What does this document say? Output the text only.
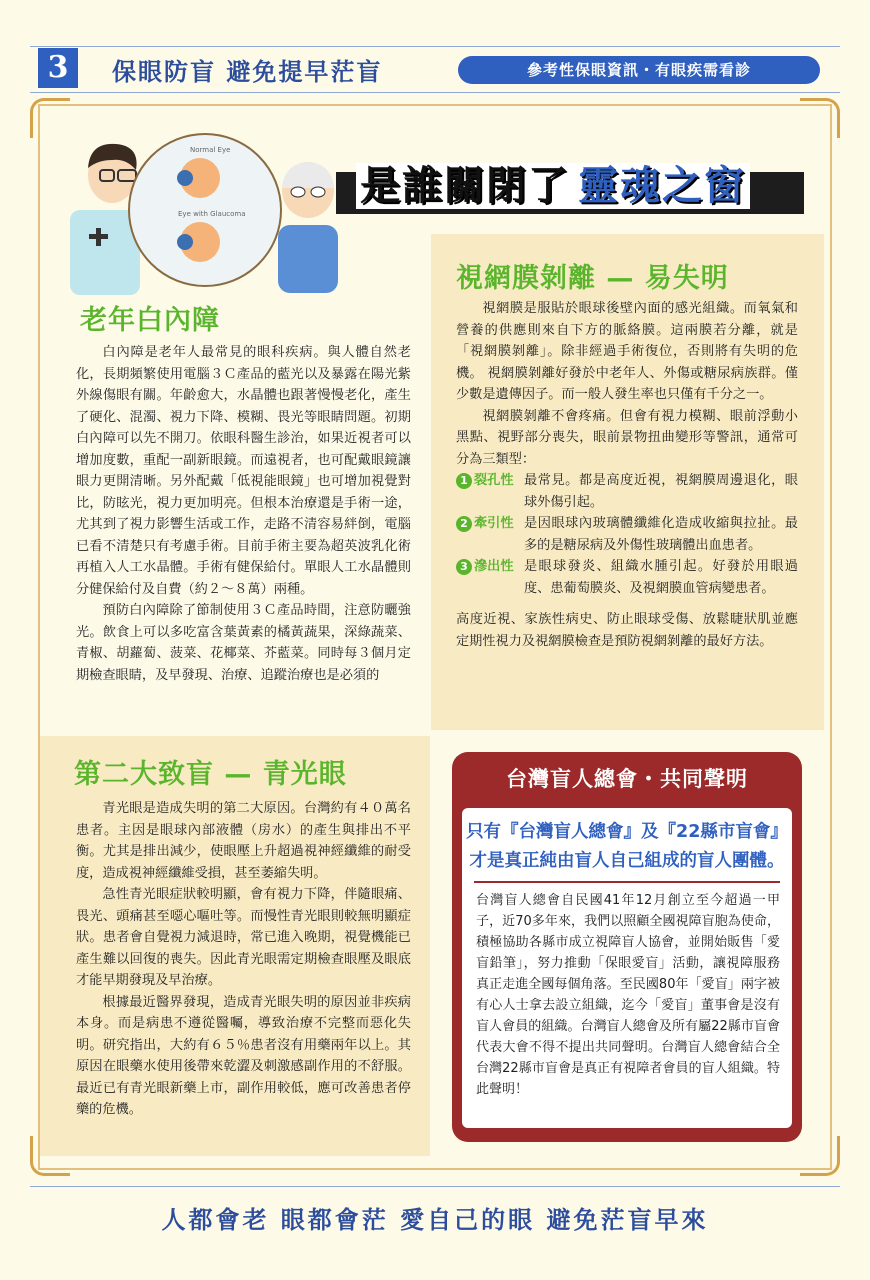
3	保眼防盲 避免提早茫盲	參考性保眼資訊・有眼疾需看診
Normal Eye
Eye with Glaucoma
是誰關閉了 靈魂之窗
老年白內障

白內障是老年人最常見的眼科疾病。與人體自然老化，長期頻繁使用電腦３Ｃ產品的藍光以及暴露在陽光紫外線傷眼有關。年齡愈大，水晶體也跟著慢慢老化，產生了硬化、混濁、視力下降、模糊、畏光等眼睛問題。初期白內障可以先不開刀。依眼科醫生診治，如果近視者可以增加度數，重配一副新眼鏡。而遠視者，也可配戴眼鏡讓眼力更開清晰。另外配戴「低視能眼鏡」也可增加視覺對比，防眩光，視力更加明亮。但根本治療還是手術一途，尤其到了視力影響生活或工作，走路不清容易絆倒，電腦已看不清楚只有考慮手術。目前手術主要為超英波乳化術再植入人工水晶體。手術有健保給付。單眼人工水晶體則分健保給付及自費（約２～８萬）兩種。

預防白內障除了節制使用３Ｃ產品時間，注意防曬強光。飲食上可以多吃富含葉黃素的橘黃蔬果，深綠蔬菜、青椒、胡蘿蔔、菠菜、花椰菜、芥藍菜。同時每３個月定期檢查眼睛，及早發現、治療、追蹤治療也是必須的

視網膜剝離 — 易失明

視網膜是服貼於眼球後壁內面的感光組織。而氧氣和營養的供應則來自下方的脈絡膜。這兩膜若分離，就是「視網膜剝離」。除非經過手術復位，否則將有失明的危機。 視網膜剝離好發於中老年人、外傷或糖尿病族群。僅少數是遺傳因子。而一般人發生率也只僅有千分之一。

視網膜剝離不會疼痛。但會有視力模糊、眼前浮動小黑點、視野部分喪失，眼前景物扭曲變形等警訊，通常可分為三類型：

1 裂孔性 最常見。都是高度近視，視網膜周邊退化，眼球外傷引起。
2 牽引性 是因眼球內玻璃體纖維化造成收縮與拉扯。最多的是糖尿病及外傷性玻璃體出血患者。
3 滲出性 是眼球發炎、組織水腫引起。好發於用眼過度、患葡萄膜炎、及視網膜血管病變患者。
高度近視、家族性病史、防止眼球受傷、放鬆睫狀肌並應定期性視力及視網膜檢查是預防視網剝離的最好方法。
第二大致盲 — 青光眼

青光眼是造成失明的第二大原因。台灣約有４０萬名患者。主因是眼球內部液體（房水）的產生與排出不平衡。尤其是排出減少，使眼壓上升超過視神經纖維的耐受度，造成視神經纖維受損，甚至萎縮失明。

急性青光眼症狀較明顯，會有視力下降，伴隨眼痛、畏光、頭痛甚至噁心嘔吐等。而慢性青光眼則較無明顯症狀。患者會自覺視力減退時，常已進入晚期，視覺機能已產生難以回復的喪失。因此青光眼需定期檢查眼壓及眼底才能早期發現及早治療。

根據最近醫界發現，造成青光眼失明的原因並非疾病本身。而是病患不遵從醫囑，導致治療不完整而惡化失明。研究指出，大約有６５％患者沒有用藥兩年以上。其原因在眼藥水使用後帶來乾澀及刺激感副作用的不舒服。最近已有青光眼新藥上市，副作用較低，應可改善患者停藥的危機。

台灣盲人總會・共同聲明
只有『台灣盲人總會』及『22縣市盲會』
才是真正純由盲人自己組成的盲人團體。
台灣盲人總會自民國41年12月創立至今超過一甲子，近70多年來，我們以照顧全國視障盲胞為使命，積極協助各縣市成立視障盲人協會，並開始販售「愛盲鉛筆」，努力推動「保眼愛盲」活動，讓視障服務真正走進全國每個角落。至民國80年「愛盲」兩字被有心人士拿去設立組織，迄今「愛盲」董事會是沒有盲人會員的組織。台灣盲人總會及所有屬22縣市盲會代表大會不得不提出共同聲明。台灣盲人總會結合全台灣22縣市盲會是真正有視障者會員的盲人組織。特此聲明！
人都會老 眼都會茫 愛自己的眼 避免茫盲早來
